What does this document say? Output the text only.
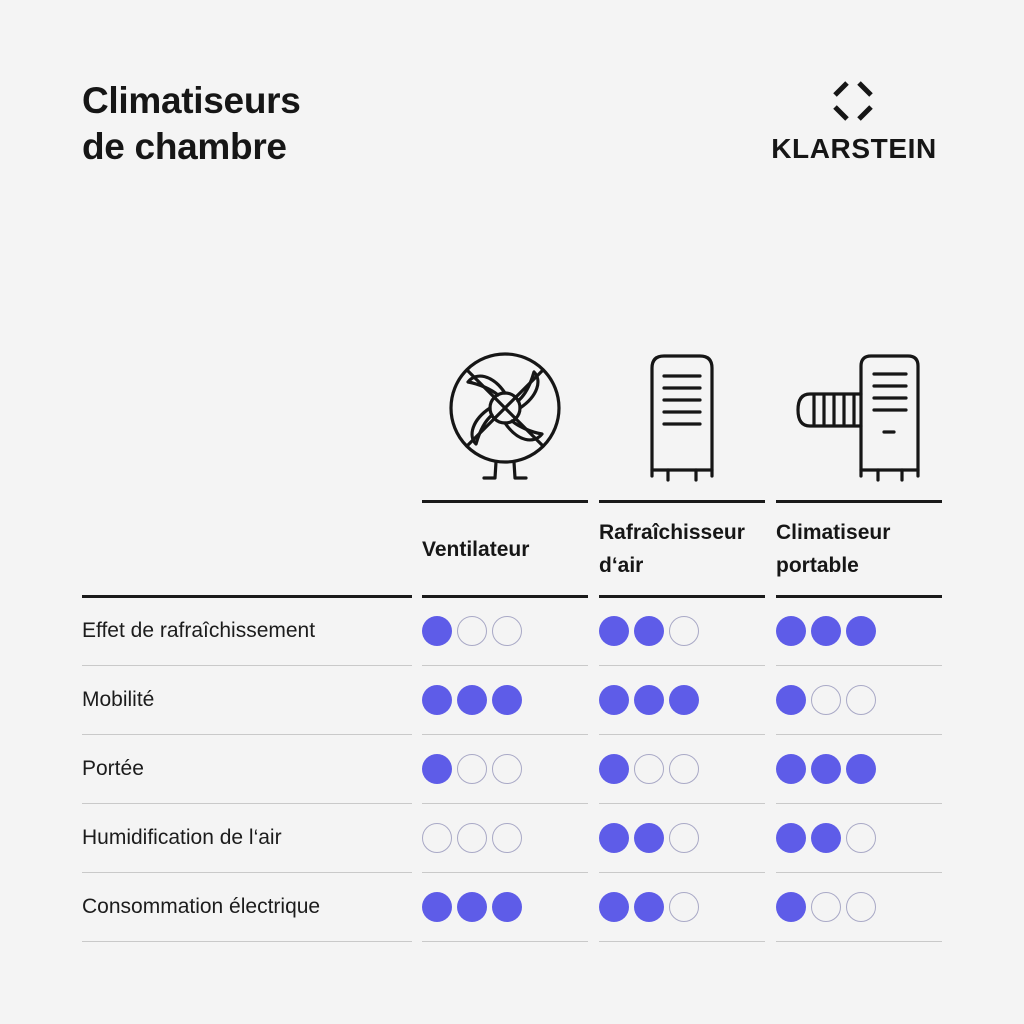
Climatiseurs
de chambre	KLARSTEIN
Ventilateur
Rafraîchisseur
d‘air
Climatiseur
portable
Effet de rafraîchissement
Mobilité
Portée
Humidification de l‘air
Consommation électrique
